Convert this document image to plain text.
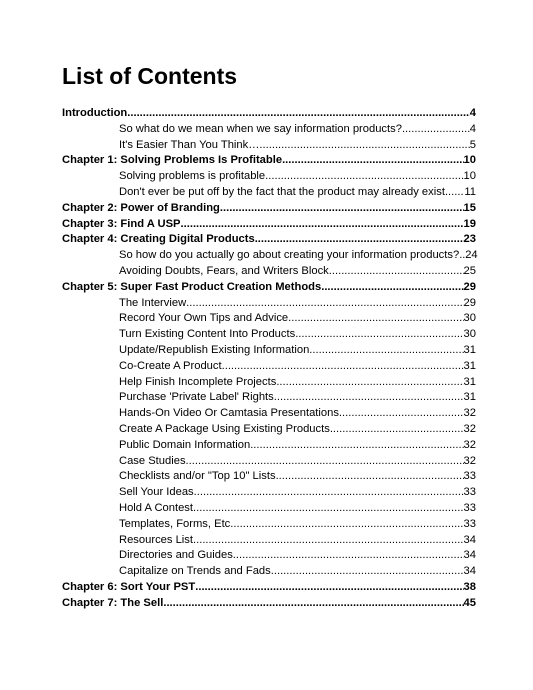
List of Contents
Introduction .....	4
So what do we mean when we say information products? .....	4
It's Easier Than You Think… .....	5
Chapter 1: Solving Problems Is Profitable .....	10
Solving problems is profitable .....	10
Don't ever be put off by the fact that the product may already exist ..... 11
Chapter 2: Power of Branding .....	15
Chapter 3: Find A USP .....	19
Chapter 4: Creating Digital Products .....	23
So how do you actually go about creating your information products? ..... 24
Avoiding Doubts, Fears, and Writers Block .....	25
Chapter 5: Super Fast Product Creation Methods .....	29
The Interview .....	29
Record Your Own Tips and Advice .....	30
Turn Existing Content Into Products .....	30
Update/Republish Existing Information .....	31
Co-Create A Product .....	31
Help Finish Incomplete Projects .....	31
Purchase 'Private Label' Rights .....	31
Hands-On Video Or Camtasia Presentations .....	32
Create A Package Using Existing Products .....	32
Public Domain Information .....	32
Case Studies .....	32
Checklists and/or "Top 10" Lists .....	33
Sell Your Ideas .....	33
Hold A Contest .....	33
Templates, Forms, Etc. .....	33
Resources List .....	34
Directories and Guides .....	34
Capitalize on Trends and Fads .....	34
Chapter 6: Sort Your PST .....	38
Chapter 7: The Sell .....	45
